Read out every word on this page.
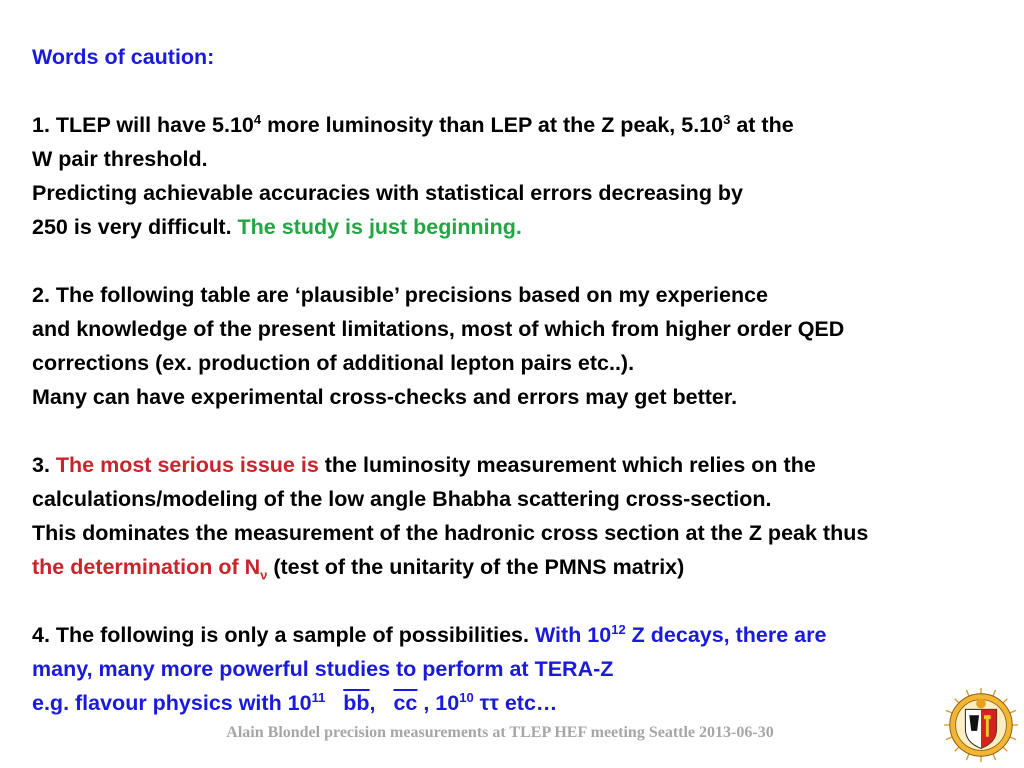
Words of caution:
1. TLEP will have 5.10$^4$ more luminosity than LEP at the Z peak, 5.10$^3$ at the
W pair threshold.
Predicting achievable accuracies with statistical errors decreasing by
250 is very difficult. The study is just beginning.
2. The following table are ‘plausible’ precisions based on my experience
and knowledge of the present limitations, most of which from higher order QED
corrections (ex. production of additional lepton pairs etc..).
Many can have experimental cross-checks and errors may get better.
3. The most serious issue is the luminosity measurement which relies on the
calculations/modeling of the low angle Bhabha scattering cross-section.
This dominates the measurement of the hadronic cross section at the Z peak thus
the determination of $N_\nu$ (test of the unitarity of the PMNS matrix)
4. The following is only a sample of possibilities. With $10^{12}$ Z decays, there are
many, many more powerful studies to perform at TERA-Z
e.g. flavour physics with $10^{11}$ $\overline{bb}$,   $\overline{cc}$ , $10^{10}$ ττ etc…
Alain Blondel precision measurements at TLEP HEF meeting Seattle 2013-06-30
